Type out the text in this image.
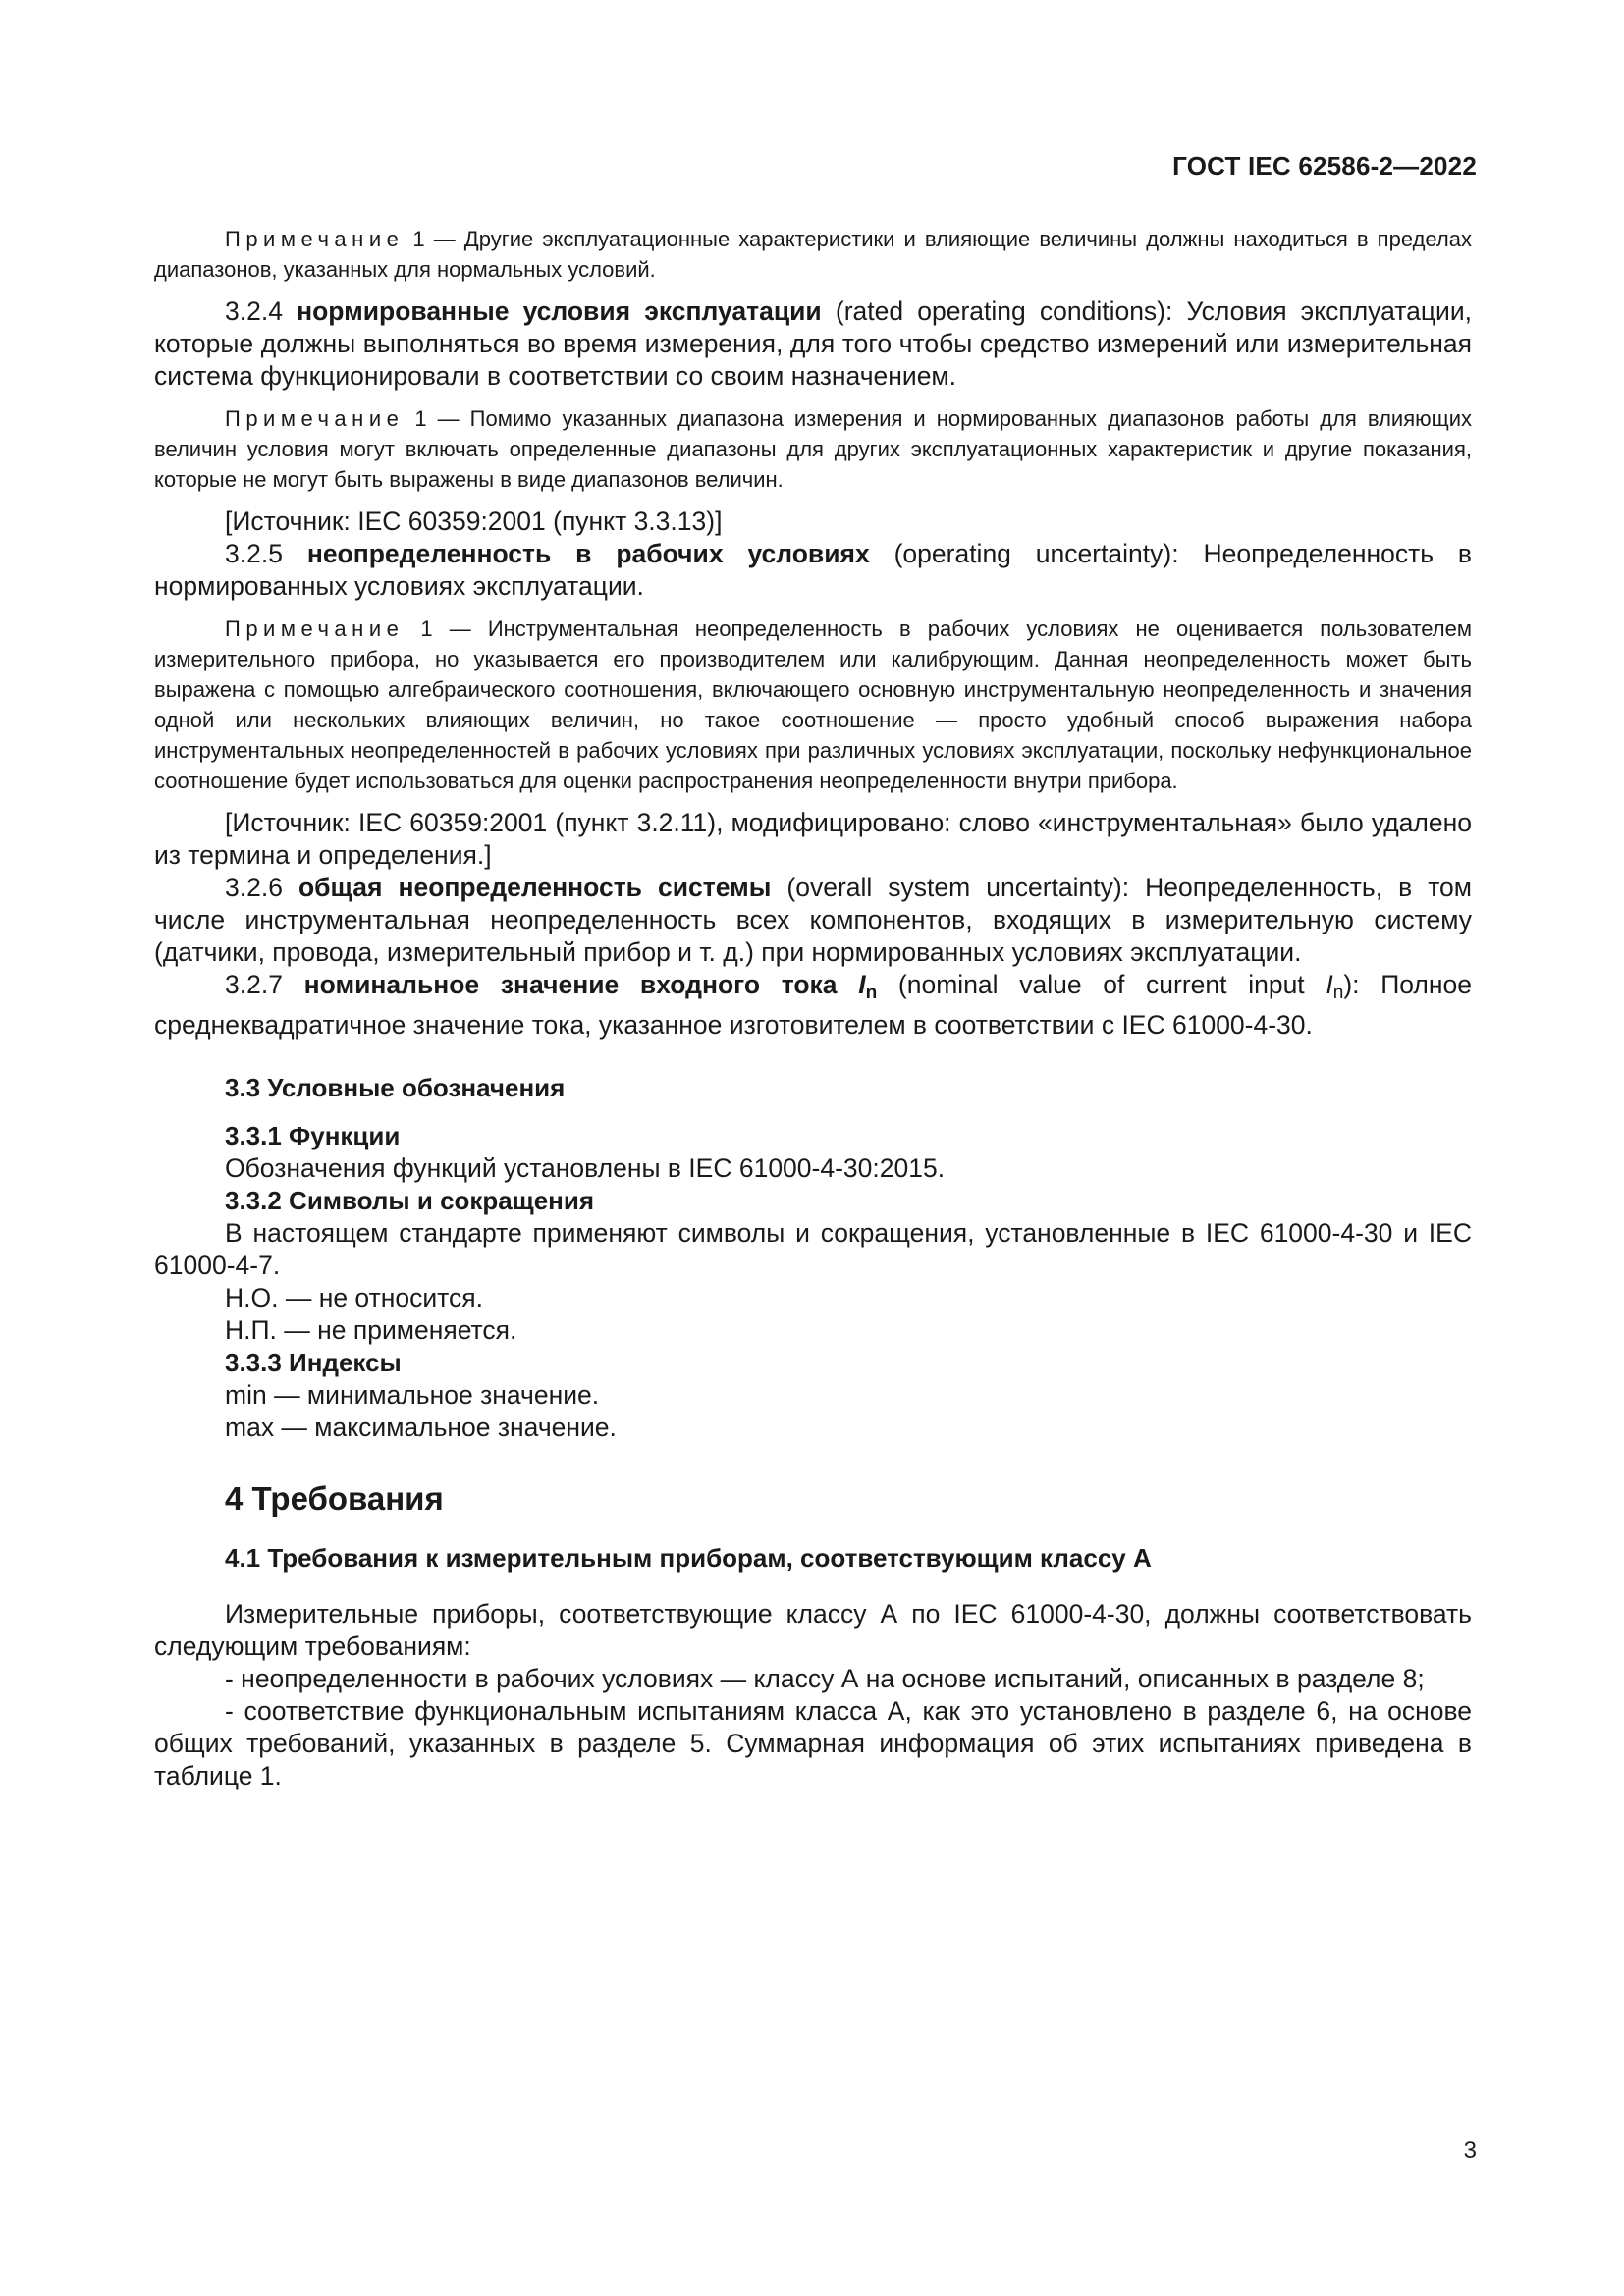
ГОСТ IEC 62586-2—2022

Примечание 1 — Другие эксплуатационные характеристики и влияющие величины должны находиться в пределах диапазонов, указанных для нормальных условий.

3.2.4 нормированные условия эксплуатации (rated operating conditions): Условия эксплуатации, которые должны выполняться во время измерения, для того чтобы средство измерений или измерительная система функционировали в соответствии со своим назначением.

Примечание 1 — Помимо указанных диапазона измерения и нормированных диапазонов работы для влияющих величин условия могут включать определенные диапазоны для других эксплуатационных характеристик и другие показания, которые не могут быть выражены в виде диапазонов величин.

[Источник: IEC 60359:2001 (пункт 3.3.13)]

3.2.5 неопределенность в рабочих условиях (operating uncertainty): Неопределенность в нормированных условиях эксплуатации.

Примечание 1 — Инструментальная неопределенность в рабочих условиях не оценивается пользователем измерительного прибора, но указывается его производителем или калибрующим. Данная неопределенность может быть выражена с помощью алгебраического соотношения, включающего основную инструментальную неопределенность и значения одной или нескольких влияющих величин, но такое соотношение — просто удобный способ выражения набора инструментальных неопределенностей в рабочих условиях при различных условиях эксплуатации, поскольку нефункциональное соотношение будет использоваться для оценки распространения неопределенности внутри прибора.

[Источник: IEC 60359:2001 (пункт 3.2.11), модифицировано: слово «инструментальная» было удалено из термина и определения.]

3.2.6 общая неопределенность системы (overall system uncertainty): Неопределенность, в том числе инструментальная неопределенность всех компонентов, входящих в измерительную систему (датчики, провода, измерительный прибор и т. д.) при нормированных условиях эксплуатации.

3.2.7 номинальное значение входного тока $I_n$ (nominal value of current input $I_n$): Полное среднеквадратичное значение тока, указанное изготовителем в соответствии с IEC 61000-4-30.

3.3 Условные обозначения

3.3.1 Функции

Обозначения функций установлены в IEC 61000-4-30:2015.

3.3.2 Символы и сокращения

В настоящем стандарте применяют символы и сокращения, установленные в IEC 61000-4-30 и IEC 61000-4-7.

Н.О. — не относится.

Н.П. — не применяется.

3.3.3 Индексы

min — минимальное значение.

max — максимальное значение.

4 Требования

4.1 Требования к измерительным приборам, соответствующим классу А

Измерительные приборы, соответствующие классу А по IEC 61000-4-30, должны соответствовать следующим требованиям:

- неопределенности в рабочих условиях — классу А на основе испытаний, описанных в разделе 8;

- соответствие функциональным испытаниям класса А, как это установлено в разделе 6, на основе общих требований, указанных в разделе 5. Суммарная информация об этих испытаниях приведена в таблице 1.

3
